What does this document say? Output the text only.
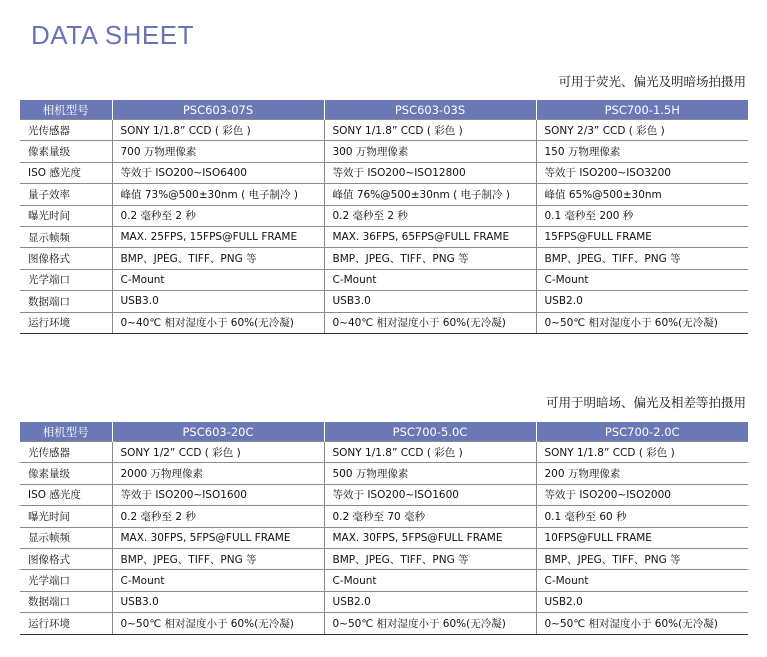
DATA SHEET
可用于荧光、偏光及明暗场拍摄用
相机型号	PSC603-07S	PSC603-03S	PSC700-1.5H
光传感器	SONY 1/1.8” CCD ( 彩色 )	SONY 1/1.8” CCD ( 彩色 )	SONY 2/3” CCD ( 彩色 )
像素量级	700 万物理像素	300 万物理像素	150 万物理像素
ISO 感光度	等效于 ISO200~ISO6400	等效于 ISO200~ISO12800	等效于 ISO200~ISO3200
量子效率	峰值 73%@500±30nm ( 电子制冷 )	峰值 76%@500±30nm ( 电子制冷 )	峰值 65%@500±30nm
曝光时间	0.2 毫秒至 2 秒	0.2 毫秒至 2 秒	0.1 毫秒至 200 秒
显示帧频	MAX. 25FPS, 15FPS@FULL FRAME	MAX. 36FPS, 65FPS@FULL FRAME	15FPS@FULL FRAME
图像格式	BMP、JPEG、TIFF、PNG 等	BMP、JPEG、TIFF、PNG 等	BMP、JPEG、TIFF、PNG 等
光学端口	C-Mount	C-Mount	C-Mount
数据端口	USB3.0	USB3.0	USB2.0
运行环境	0~40℃ 相对湿度小于 60%(无冷凝)	0~40℃ 相对湿度小于 60%(无冷凝)	0~50℃ 相对湿度小于 60%(无冷凝)
可用于明暗场、偏光及相差等拍摄用
相机型号	PSC603-20C	PSC700-5.0C	PSC700-2.0C
光传感器	SONY 1/2” CCD ( 彩色 )	SONY 1/1.8” CCD ( 彩色 )	SONY 1/1.8” CCD ( 彩色 )
像素量级	2000 万物理像素	500 万物理像素	200 万物理像素
ISO 感光度	等效于 ISO200~ISO1600	等效于 ISO200~ISO1600	等效于 ISO200~ISO2000
曝光时间	0.2 毫秒至 2 秒	0.2 毫秒至 70 毫秒	0.1 毫秒至 60 秒
显示帧频	MAX. 30FPS, 5FPS@FULL FRAME	MAX. 30FPS, 5FPS@FULL FRAME	10FPS@FULL FRAME
图像格式	BMP、JPEG、TIFF、PNG 等	BMP、JPEG、TIFF、PNG 等	BMP、JPEG、TIFF、PNG 等
光学端口	C-Mount	C-Mount	C-Mount
数据端口	USB3.0	USB2.0	USB2.0
运行环境	0~50℃ 相对湿度小于 60%(无冷凝)	0~50℃ 相对湿度小于 60%(无冷凝)	0~50℃ 相对湿度小于 60%(无冷凝)
